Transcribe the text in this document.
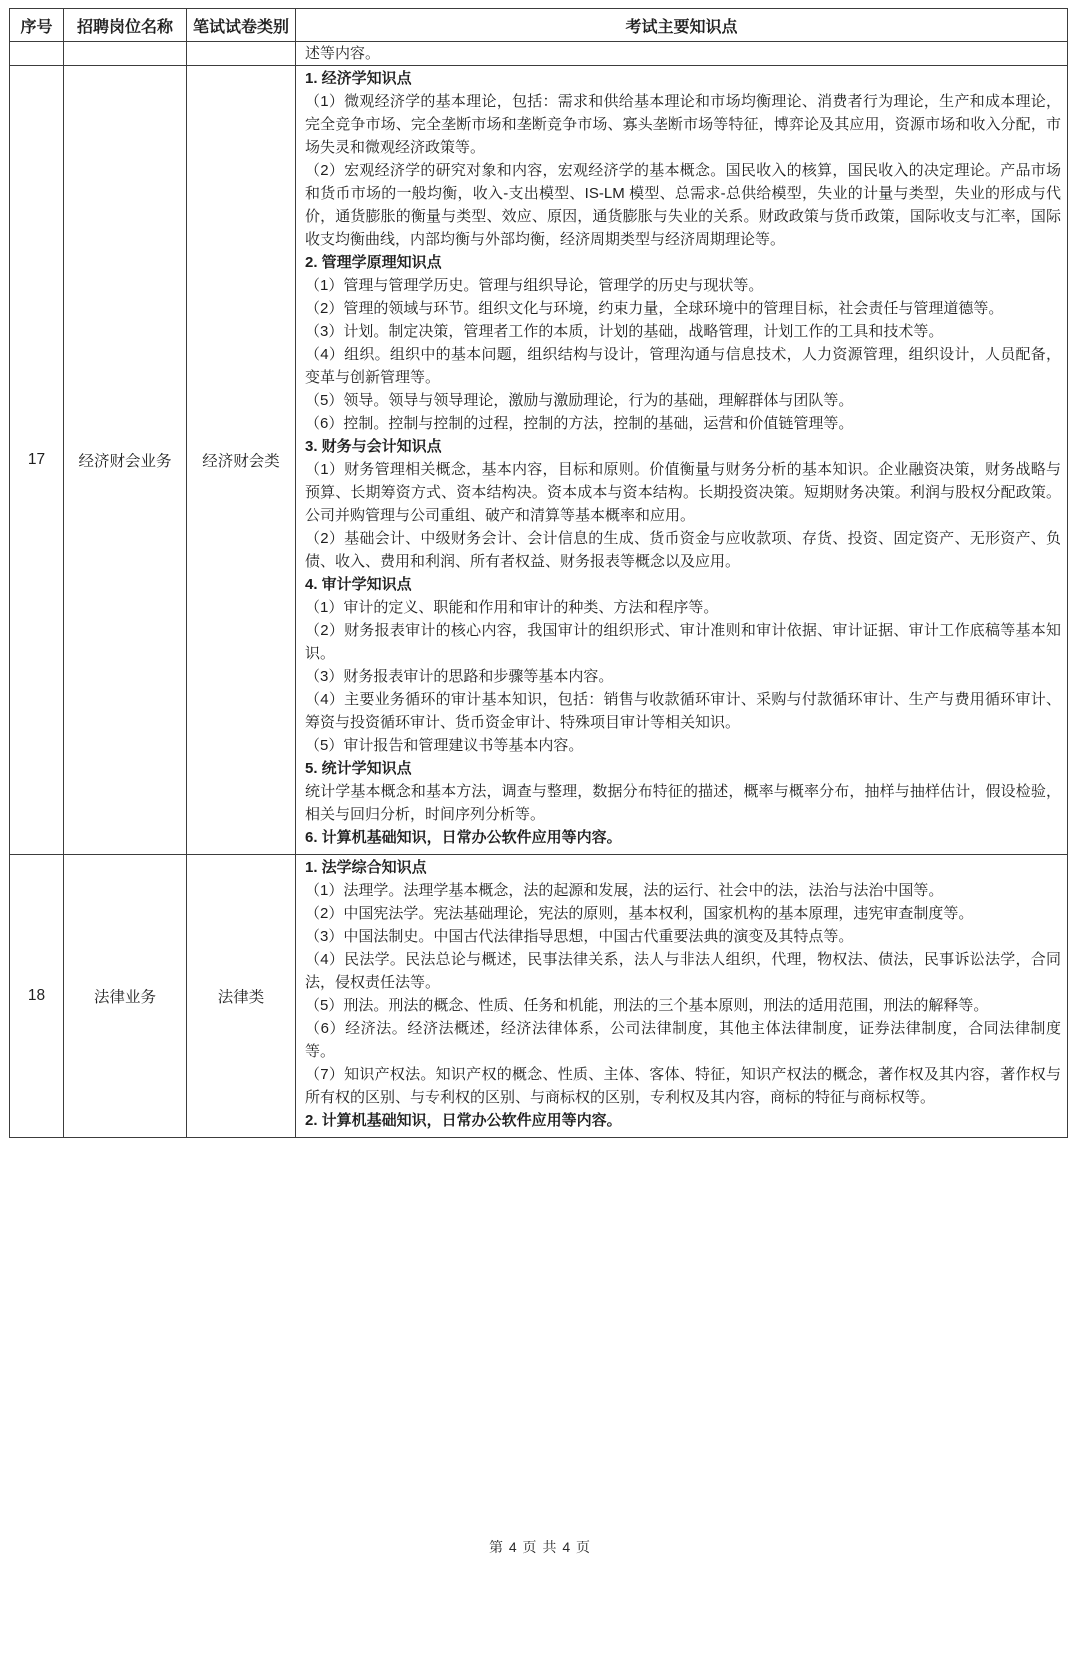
序号	招聘岗位名称	笔试试卷类别	考试主要知识点

			述等内容。

17	经济财会业务	经济财会类	
1. 经济学知识点
（1）微观经济学的基本理论，包括：需求和供给基本理论和市场均衡理论、消费者行为理论，生产和成本理论，完全竞争市场、完全垄断市场和垄断竞争市场、寡头垄断市场等特征，博弈论及其应用，资源市场和收入分配，市场失灵和微观经济政策等。
（2）宏观经济学的研究对象和内容，宏观经济学的基本概念。国民收入的核算，国民收入的决定理论。产品市场和货币市场的一般均衡，收入-支出模型、IS-LM 模型、总需求-总供给模型，失业的计量与类型，失业的形成与代价，通货膨胀的衡量与类型、效应、原因，通货膨胀与失业的关系。财政政策与货币政策，国际收支与汇率，国际收支均衡曲线，内部均衡与外部均衡，经济周期类型与经济周期理论等。
2. 管理学原理知识点
（1）管理与管理学历史。管理与组织导论，管理学的历史与现状等。
（2）管理的领域与环节。组织文化与环境，约束力量，全球环境中的管理目标，社会责任与管理道德等。
（3）计划。制定决策，管理者工作的本质，计划的基础，战略管理，计划工作的工具和技术等。
（4）组织。组织中的基本问题，组织结构与设计，管理沟通与信息技术，人力资源管理，组织设计，人员配备，变革与创新管理等。
（5）领导。领导与领导理论，激励与激励理论，行为的基础，理解群体与团队等。
（6）控制。控制与控制的过程，控制的方法，控制的基础，运营和价值链管理等。
3. 财务与会计知识点
（1）财务管理相关概念，基本内容，目标和原则。价值衡量与财务分析的基本知识。企业融资决策，财务战略与预算、长期筹资方式、资本结构决。资本成本与资本结构。长期投资决策。短期财务决策。利润与股权分配政策。公司并购管理与公司重组、破产和清算等基本概率和应用。
（2）基础会计、中级财务会计、会计信息的生成、货币资金与应收款项、存货、投资、固定资产、无形资产、负债、收入、费用和利润、所有者权益、财务报表等概念以及应用。
4. 审计学知识点
（1）审计的定义、职能和作用和审计的种类、方法和程序等。
（2）财务报表审计的核心内容，我国审计的组织形式、审计准则和审计依据、审计证据、审计工作底稿等基本知识。
（3）财务报表审计的思路和步骤等基本内容。
（4）主要业务循环的审计基本知识，包括：销售与收款循环审计、采购与付款循环审计、生产与费用循环审计、筹资与投资循环审计、货币资金审计、特殊项目审计等相关知识。
（5）审计报告和管理建议书等基本内容。
5. 统计学知识点
统计学基本概念和基本方法，调查与整理，数据分布特征的描述，概率与概率分布，抽样与抽样估计，假设检验，相关与回归分析，时间序列分析等。
6. 计算机基础知识，日常办公软件应用等内容。

18	法律业务	法律类	
1. 法学综合知识点
（1）法理学。法理学基本概念，法的起源和发展，法的运行、社会中的法，法治与法治中国等。
（2）中国宪法学。宪法基础理论，宪法的原则，基本权利，国家机构的基本原理，违宪审查制度等。
（3）中国法制史。中国古代法律指导思想，中国古代重要法典的演变及其特点等。
（4）民法学。民法总论与概述，民事法律关系，法人与非法人组织，代理，物权法、债法，民事诉讼法学，合同法，侵权责任法等。
（5）刑法。刑法的概念、性质、任务和机能，刑法的三个基本原则，刑法的适用范围，刑法的解释等。
（6）经济法。经济法概述，经济法律体系，公司法律制度，其他主体法律制度，证券法律制度，合同法律制度等。
（7）知识产权法。知识产权的概念、性质、主体、客体、特征，知识产权法的概念，著作权及其内容，著作权与所有权的区别、与专利权的区别、与商标权的区别，专利权及其内容，商标的特征与商标权等。
2. 计算机基础知识，日常办公软件应用等内容。
第 4 页 共 4 页
